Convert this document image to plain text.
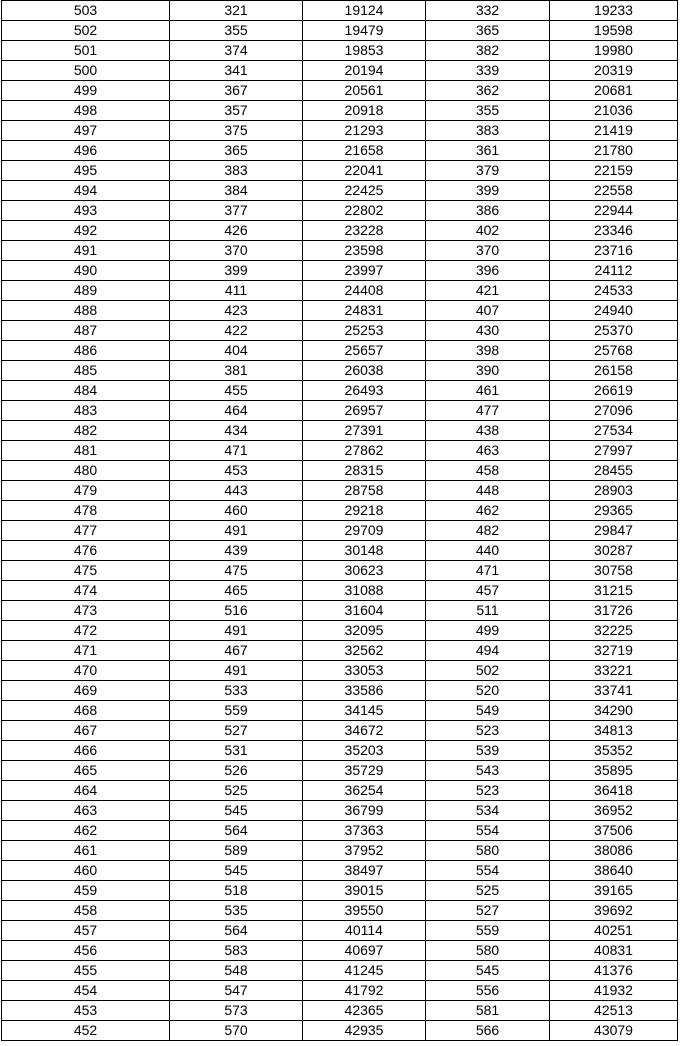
503	321	19124	332	19233
502	355	19479	365	19598
501	374	19853	382	19980
500	341	20194	339	20319
499	367	20561	362	20681
498	357	20918	355	21036
497	375	21293	383	21419
496	365	21658	361	21780
495	383	22041	379	22159
494	384	22425	399	22558
493	377	22802	386	22944
492	426	23228	402	23346
491	370	23598	370	23716
490	399	23997	396	24112
489	411	24408	421	24533
488	423	24831	407	24940
487	422	25253	430	25370
486	404	25657	398	25768
485	381	26038	390	26158
484	455	26493	461	26619
483	464	26957	477	27096
482	434	27391	438	27534
481	471	27862	463	27997
480	453	28315	458	28455
479	443	28758	448	28903
478	460	29218	462	29365
477	491	29709	482	29847
476	439	30148	440	30287
475	475	30623	471	30758
474	465	31088	457	31215
473	516	31604	511	31726
472	491	32095	499	32225
471	467	32562	494	32719
470	491	33053	502	33221
469	533	33586	520	33741
468	559	34145	549	34290
467	527	34672	523	34813
466	531	35203	539	35352
465	526	35729	543	35895
464	525	36254	523	36418
463	545	36799	534	36952
462	564	37363	554	37506
461	589	37952	580	38086
460	545	38497	554	38640
459	518	39015	525	39165
458	535	39550	527	39692
457	564	40114	559	40251
456	583	40697	580	40831
455	548	41245	545	41376
454	547	41792	556	41932
453	573	42365	581	42513
452	570	42935	566	43079
